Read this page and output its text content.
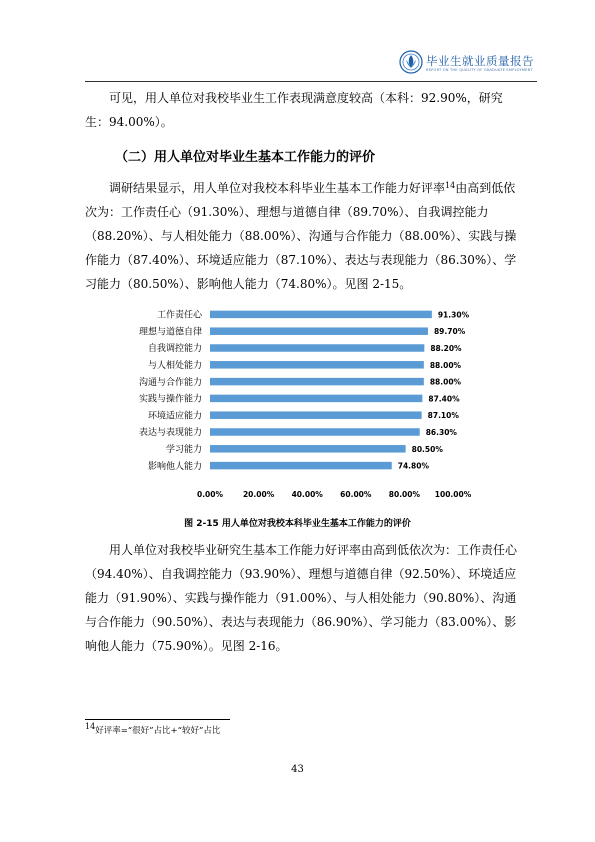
毕业生就业质量报告
REPORT ON THE QUALITY OF GRADUATE EMPLOYMENT

可见，用人单位对我校毕业生工作表现满意度较高（本科：92.90%，研究生：94.00%）。

（二）用人单位对毕业生基本工作能力的评价

调研结果显示，用人单位对我校本科毕业生基本工作能力好评率$^{14}$由高到低依次为：工作责任心（91.30%）、理想与道德自律（89.70%）、自我调控能力（88.20%）、与人相处能力（88.00%）、沟通与合作能力（88.00%）、实践与操作能力（87.40%）、环境适应能力（87.10%）、表达与表现能力（86.30%）、学习能力（80.50%）、影响他人能力（74.80%）。见图 2-15。

工作责任心
理想与道德自律
自我调控能力
与人相处能力
沟通与合作能力
实践与操作能力
环境适应能力
表达与表现能力
学习能力
影响他人能力
91.30%
89.70%
88.20%
88.00%
88.00%
87.40%
87.10%
86.30%
80.50%
74.80%
0.00%	20.00% 40.00% 60.00% 80.00% 100.00%
图 2-15 用人单位对我校本科毕业生基本工作能力的评价

用人单位对我校毕业研究生基本工作能力好评率由高到低依次为：工作责任心（94.40%）、自我调控能力（93.90%）、理想与道德自律（92.50%）、环境适应能力（91.90%）、实践与操作能力（91.00%）、与人相处能力（90.80%）、沟通与合作能力（90.50%）、表达与表现能力（86.90%）、学习能力（83.00%）、影响他人能力（75.90%）。见图 2-16。

$^{14}$好评率=“很好”占比+“较好”占比
43
